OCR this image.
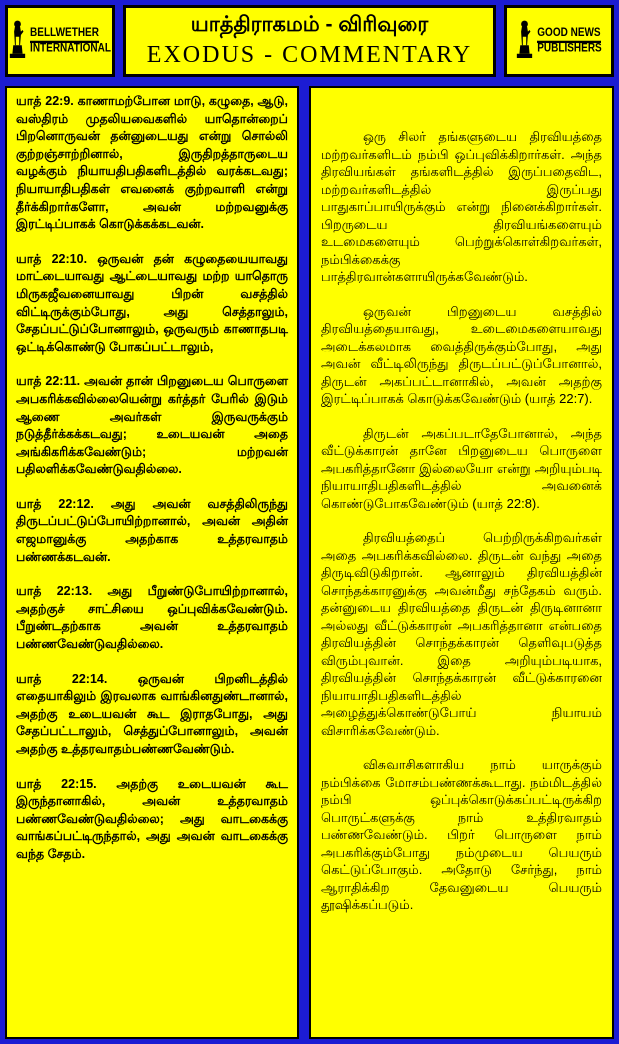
BELLWETHER
INTERNATIONAL
யாத்திராகமம் - விரிவுரை
EXODUS - COMMENTARY
GOOD NEWS
PUBLISHERS

யாத் 22:9. காணாமற்போன மாடு, கழுதை, ஆடு, வஸ்திரம் முதலியவைகளில் யாதொன்றைப் பிறனொருவன் தன்னுடையது என்று சொல்லி குற்றஞ்சாற்றினால், இருதிறத்தாருடைய வழக்கும் நியாயதிபதிகளிடத்தில் வரக்கடவது; நியாயாதிபதிகள் எவனைக் குற்றவாளி என்று தீர்க்கிறார்களோ, அவன் மற்றவனுக்கு இரட்டிப்பாகக் கொடுக்கக்கடவன்.

யாத் 22:10. ஒருவன் தன் கழுதையையாவது மாட்டையாவது ஆட்டையாவது மற்ற யாதொரு மிருகஜீவனையாவது பிறன் வசத்தில் விட்டிருக்கும்போது, அது செத்தாலும், சேதப்பட்டுப்போனாலும், ஒருவரும் காணாதபடி ஒட்டிக்கொண்டு போகப்பட்டாலும்,

யாத் 22:11. அவன் தான் பிறனுடைய பொருளை அபகரிக்கவில்லையென்று கர்த்தர் பேரில் இடும் ஆணை அவர்கள் இருவருக்கும் நடுத்தீர்க்கக்கடவது; உடையவன் அதை அங்கிகரிக்கவேண்டும்; மற்றவன் பதிலளிக்கவேண்டுவதில்லை.

யாத் 22:12. அது அவன் வசத்திலிருந்து திருடப்பட்டுப்போயிற்றானால், அவன் அதின் எஜமானுக்கு அதற்காக உத்தரவாதம் பண்ணக்கடவன்.

யாத் 22:13. அது பீறுண்டுபோயிற்றானால், அதற்குச் சாட்சியை ஒப்புவிக்கவேண்டும். பீறுண்டதற்காக அவன் உத்தரவாதம் பண்ணவேண்டுவதில்லை.

யாத் 22:14. ஒருவன் பிறனிடத்தில் எதையாகிலும் இரவலாக வாங்கினதுண்டானால், அதற்கு உடையவன் கூட இராதபோது, அது சேதப்பட்டாலும், செத்துப்போனாலும், அவன் அதற்கு உத்தரவாதம்பண்ணவேண்டும்.

யாத் 22:15. அதற்கு உடையவன் கூட இருந்தானாகில், அவன் உத்தரவாதம் பண்ணவேண்டுவதில்லை; அது வாடகைக்கு வாங்கப்பட்டிருந்தால், அது அவன் வாடகைக்கு வந்த சேதம்.

ஒரு சிலர் தங்களுடைய திரவியத்தை மற்றவர்களிடம் நம்பி ஒப்புவிக்கிறார்கள். அந்த திரவியங்கள் தங்களிடத்தில் இருப்பதைவிட, மற்றவர்களிடத்தில் இருப்பது பாதுகாப்பாயிருக்கும் என்று நினைக்கிறார்கள். பிறருடைய திரவியங்களையும் உடமைகளையும் பெற்றுக்கொள்கிறவர்கள், நம்பிக்கைக்கு பாத்திரவான்களாயிருக்கவேண்டும்.

ஒருவன் பிறனுடைய வசத்தில் திரவியத்தையாவது, உடைமைகளையாவது அடைக்கலமாக வைத்திருக்கும்போது, அது அவன் வீட்டிலிருந்து திருடப்பட்டுப்போனால், திருடன் அகப்பட்டானாகில், அவன் அதற்கு இரட்டிப்பாகக் கொடுக்கவேண்டும் (யாத் 22:7).

திருடன் அகப்படாதேபோனால், அந்த வீட்டுக்காரன் தானே பிறனுடைய பொருளை அபகரித்தானோ இல்லையோ என்று அறியும்படி நியாயாதிபதிகளிடத்தில் அவனைக் கொண்டுபோகவேண்டும் (யாத் 22:8).

திரவியத்தைப் பெற்றிருக்கிறவர்கள் அதை அபகரிக்கவில்லை. திருடன் வந்து அதை திருடிவிடுகிறான். ஆனாலும் திரவியத்தின் சொந்தக்காரனுக்கு அவன்மீது சந்தேகம் வரும். தன்னுடைய திரவியத்தை திருடன் திருடினானா அல்லது வீட்டுக்காரன் அபகரித்தானா என்பதை திரவியத்தின் சொந்தக்காரன் தெளிவுபடுத்த விரும்புவான். இதை அறியும்படியாக, திரவியத்தின் சொந்தக்காரன் வீட்டுக்காரனை நியாயாதிபதிகளிடத்தில் அழைத்துக்கொண்டுபோய் நியாயம் விசாரிக்கவேண்டும்.

விசுவாசிகளாகிய நாம் யாருக்கும் நம்பிக்கை மோசம்பண்ணக்கூடாது. நம்மிடத்தில் நம்பி ஒப்புக்கொடுக்கப்பட்டிருக்கிற பொருட்களுக்கு நாம் உத்திரவாதம் பண்ணவேண்டும். பிறர் பொருளை நாம் அபகரிக்கும்போது நம்முடைய பெயரும் கெட்டுப்போகும். அதோடு சேர்ந்து, நாம் ஆராதிக்கிற தேவனுடைய பெயரும் தூஷிக்கப்படும்.
